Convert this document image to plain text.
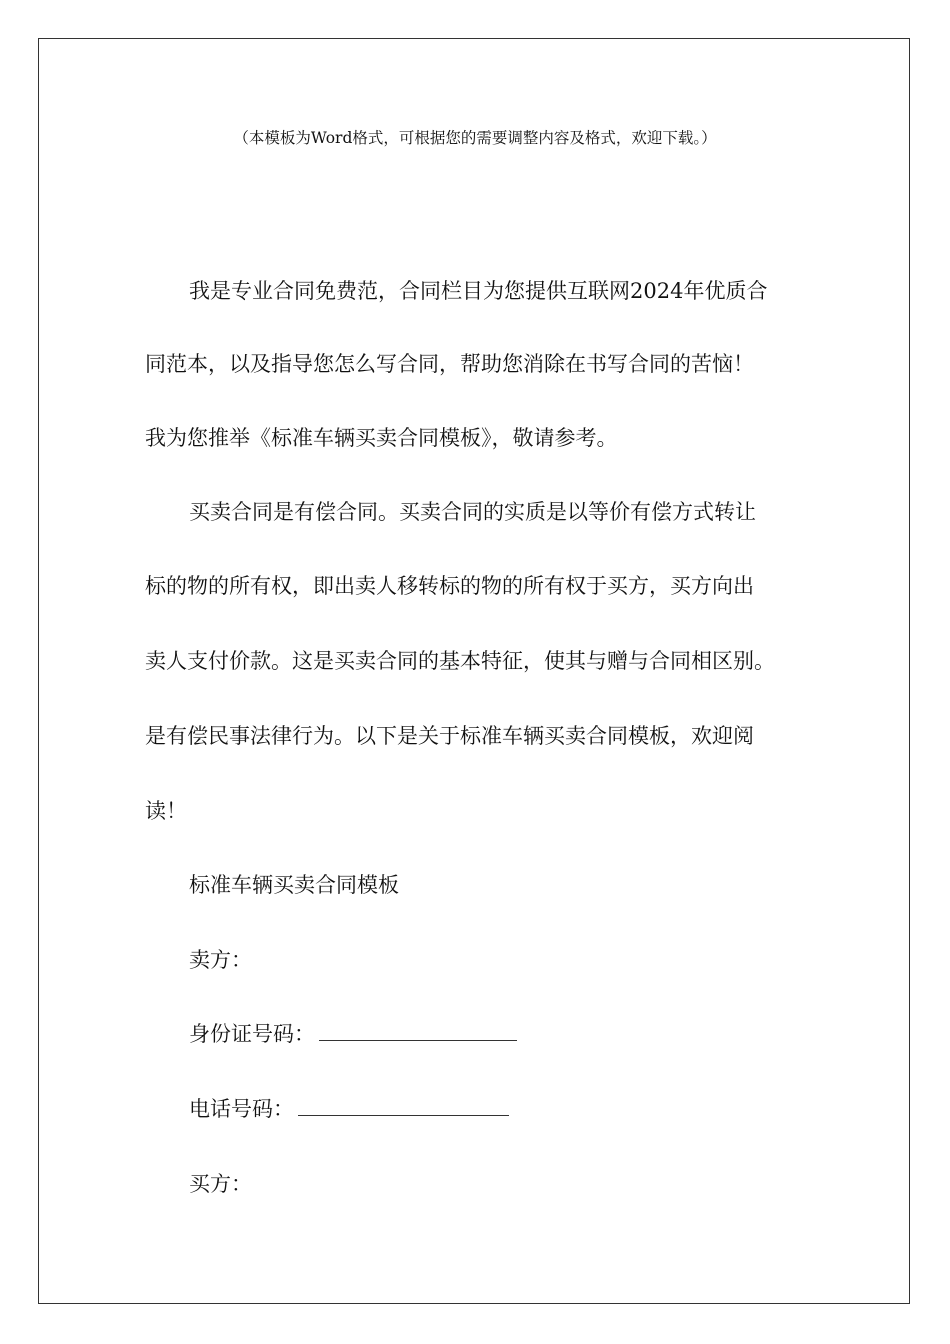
（本模板为Word格式，可根据您的需要调整内容及格式，欢迎下载。）
我是专业合同免费范，合同栏目为您提供互联网2024年优质合
同范本，以及指导您怎么写合同，帮助您消除在书写合同的苦恼！
我为您推举《标准车辆买卖合同模板》，敬请参考。
买卖合同是有偿合同。买卖合同的实质是以等价有偿方式转让
标的物的所有权，即出卖人移转标的物的所有权于买方，买方向出
卖人支付价款。这是买卖合同的基本特征，使其与赠与合同相区别。
是有偿民事法律行为。以下是关于标准车辆买卖合同模板，欢迎阅
读！
标准车辆买卖合同模板
卖方：
身份证号码：
电话号码：
买方：
